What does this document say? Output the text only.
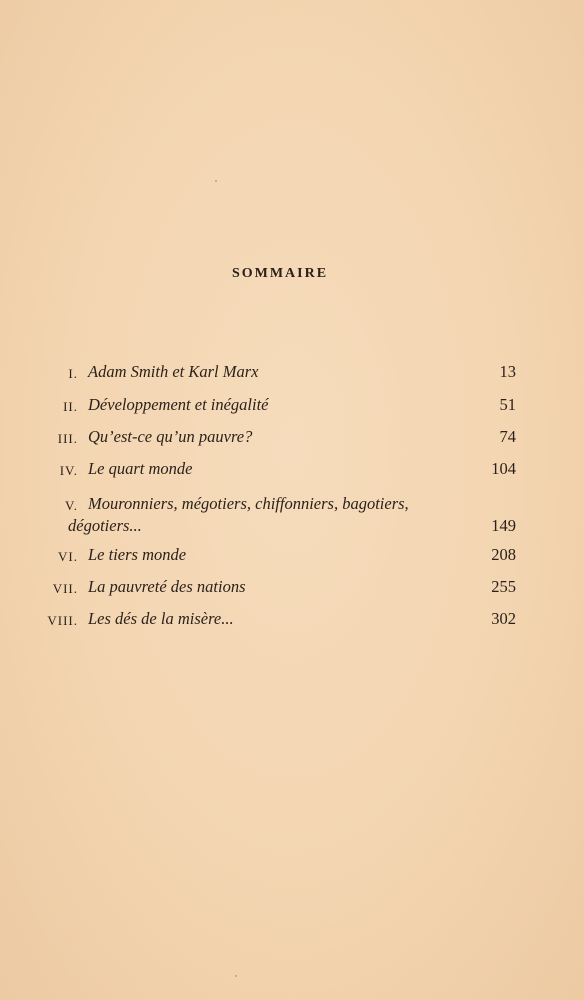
SOMMAIRE
I. Adam Smith et Karl Marx	13
II. Développement et inégalité	51
III. Qu’est-ce qu’un pauvre?	74
IV. Le quart monde	104
V. Mouronniers, mégotiers, chiffonniers, bagotiers,
dégotiers...	149
VI. Le tiers monde	208
VII. La pauvreté des nations	255
VIII. Les dés de la misère...	302
